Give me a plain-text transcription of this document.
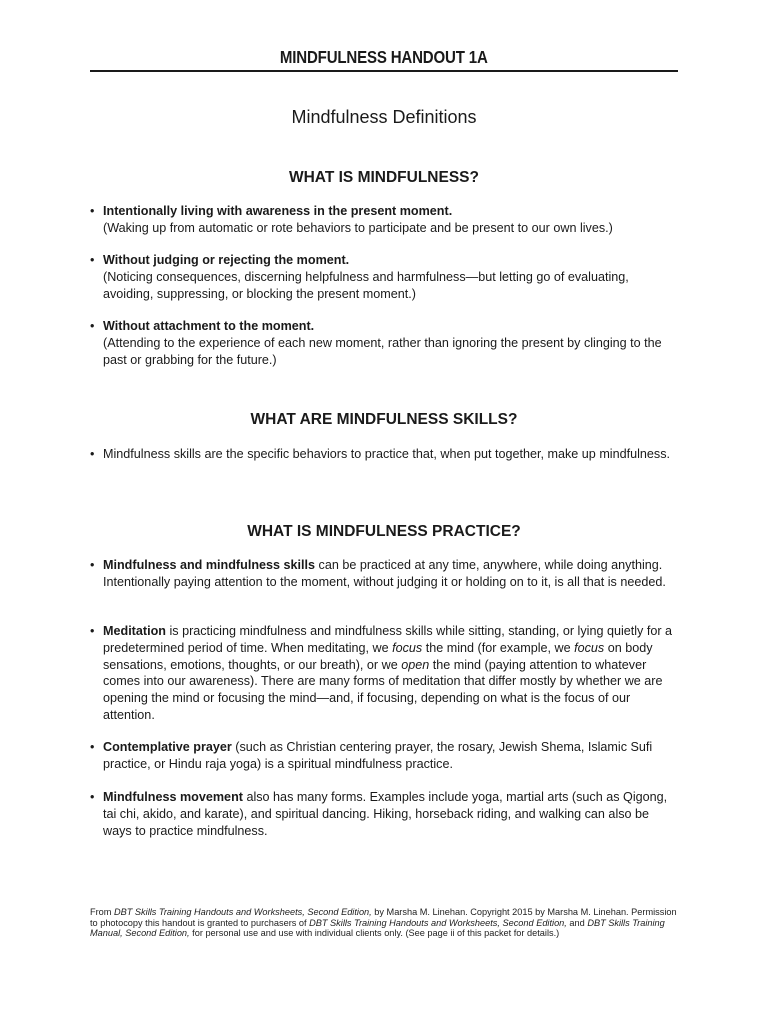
MINDFULNESS HANDOUT 1A
Mindfulness Definitions
WHAT IS MINDFULNESS?
• Intentionally living with awareness in the present moment.
(Waking up from automatic or rote behaviors to participate and be present to our own lives.)
• Without judging or rejecting the moment.
(Noticing consequences, discerning helpfulness and harmfulness—but letting go of evaluating, avoiding, suppressing, or blocking the present moment.)
• Without attachment to the moment.
(Attending to the experience of each new moment, rather than ignoring the present by clinging to the past or grabbing for the future.)
WHAT ARE MINDFULNESS SKILLS?
• Mindfulness skills are the specific behaviors to practice that, when put together, make up mindfulness.
WHAT IS MINDFULNESS PRACTICE?
• Mindfulness and mindfulness skills can be practiced at any time, anywhere, while doing anything. Intentionally paying attention to the moment, without judging it or holding on to it, is all that is needed.
• Meditation is practicing mindfulness and mindfulness skills while sitting, standing, or lying quietly for a predetermined period of time. When meditating, we focus the mind (for example, we focus on body sensations, emotions, thoughts, or our breath), or we open the mind (paying attention to whatever comes into our awareness). There are many forms of meditation that differ mostly by whether we are opening the mind or focusing the mind—and, if focusing, depending on what is the focus of our attention.
• Contemplative prayer (such as Christian centering prayer, the rosary, Jewish Shema, Islamic Sufi practice, or Hindu raja yoga) is a spiritual mindfulness practice.
• Mindfulness movement also has many forms. Examples include yoga, martial arts (such as Qigong, tai chi, akido, and karate), and spiritual dancing. Hiking, horseback riding, and walking can also be ways to practice mindfulness.
From DBT Skills Training Handouts and Worksheets, Second Edition, by Marsha M. Linehan. Copyright 2015 by Marsha M. Linehan. Permission to photocopy this handout is granted to purchasers of DBT Skills Training Handouts and Worksheets, Second Edition, and DBT Skills Training Manual, Second Edition, for personal use and use with individual clients only. (See page ii of this packet for details.)
